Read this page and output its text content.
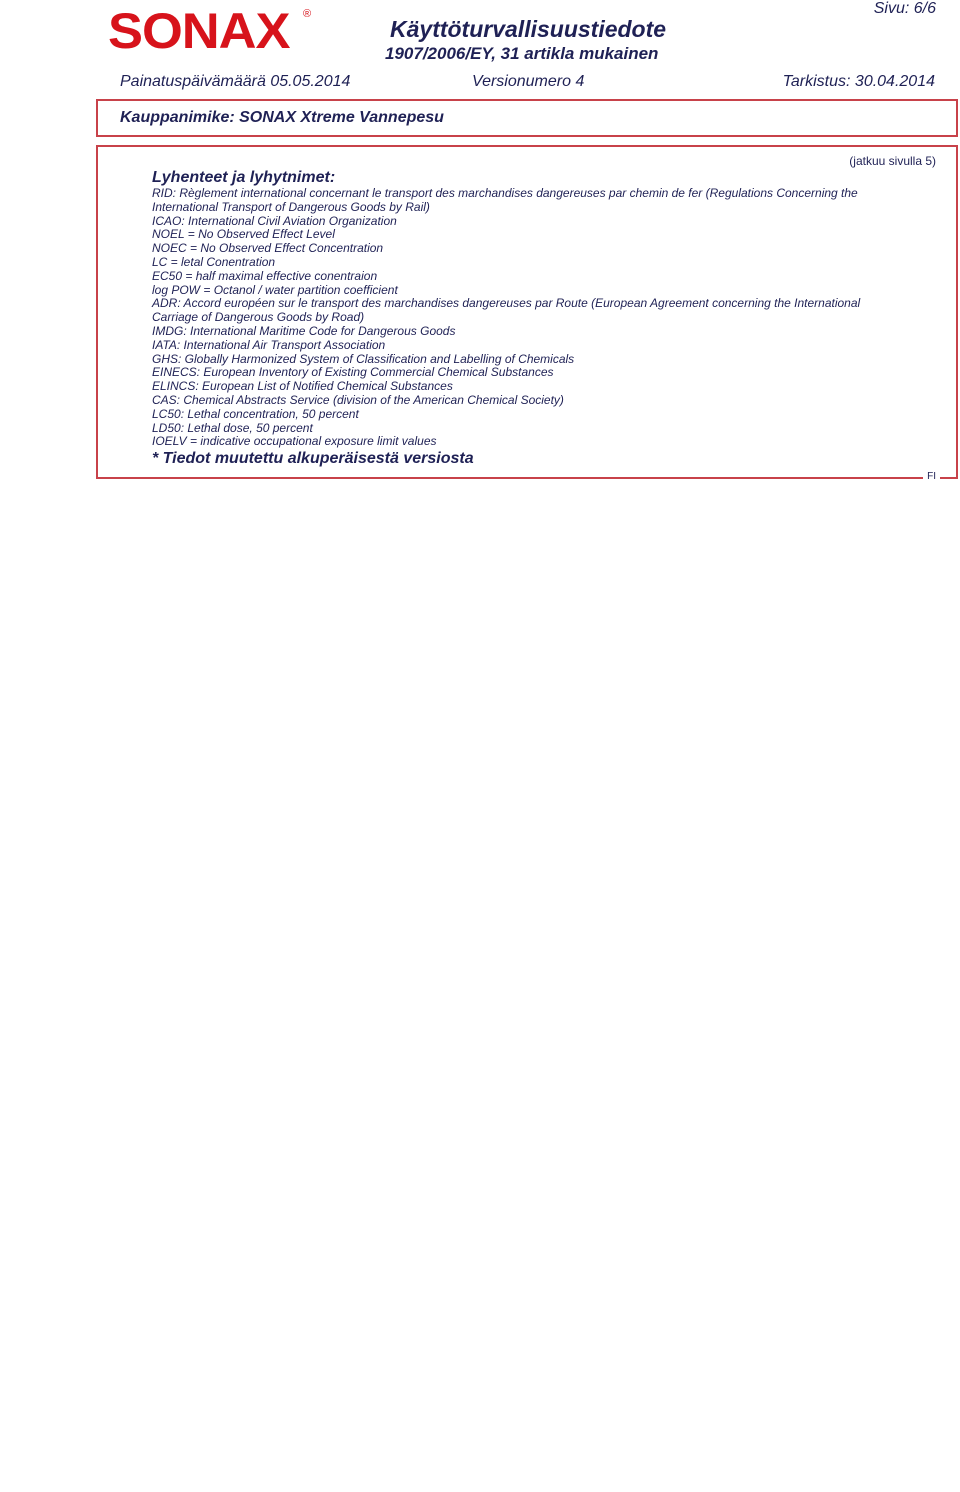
SONAX ®
Käyttöturvallisuustiedote
1907/2006/EY, 31 artikla mukainen
Sivu: 6/6
Painatuspäivämäärä 05.05.2014	Versionumero 4	Tarkistus: 30.04.2014
Kauppanimike: SONAX Xtreme Vannepesu
(jatkuu sivulla 5)
Lyhenteet ja lyhytnimet:
RID: Règlement international concernant le transport des marchandises dangereuses par chemin de fer (Regulations Concerning the International Transport of Dangerous Goods by Rail)
ICAO: International Civil Aviation Organization
NOEL = No Observed Effect Level
NOEC = No Observed Effect Concentration
LC = letal Conentration
EC50 = half maximal effective conentraion
log POW = Octanol / water partition coefficient
ADR: Accord européen sur le transport des marchandises dangereuses par Route (European Agreement concerning the International Carriage of Dangerous Goods by Road)
IMDG: International Maritime Code for Dangerous Goods
IATA: International Air Transport Association
GHS: Globally Harmonized System of Classification and Labelling of Chemicals
EINECS: European Inventory of Existing Commercial Chemical Substances
ELINCS: European List of Notified Chemical Substances
CAS: Chemical Abstracts Service (division of the American Chemical Society)
LC50: Lethal concentration, 50 percent
LD50: Lethal dose, 50 percent
IOELV = indicative occupational exposure limit values
* Tiedot muutettu alkuperäisestä versiosta
FI
